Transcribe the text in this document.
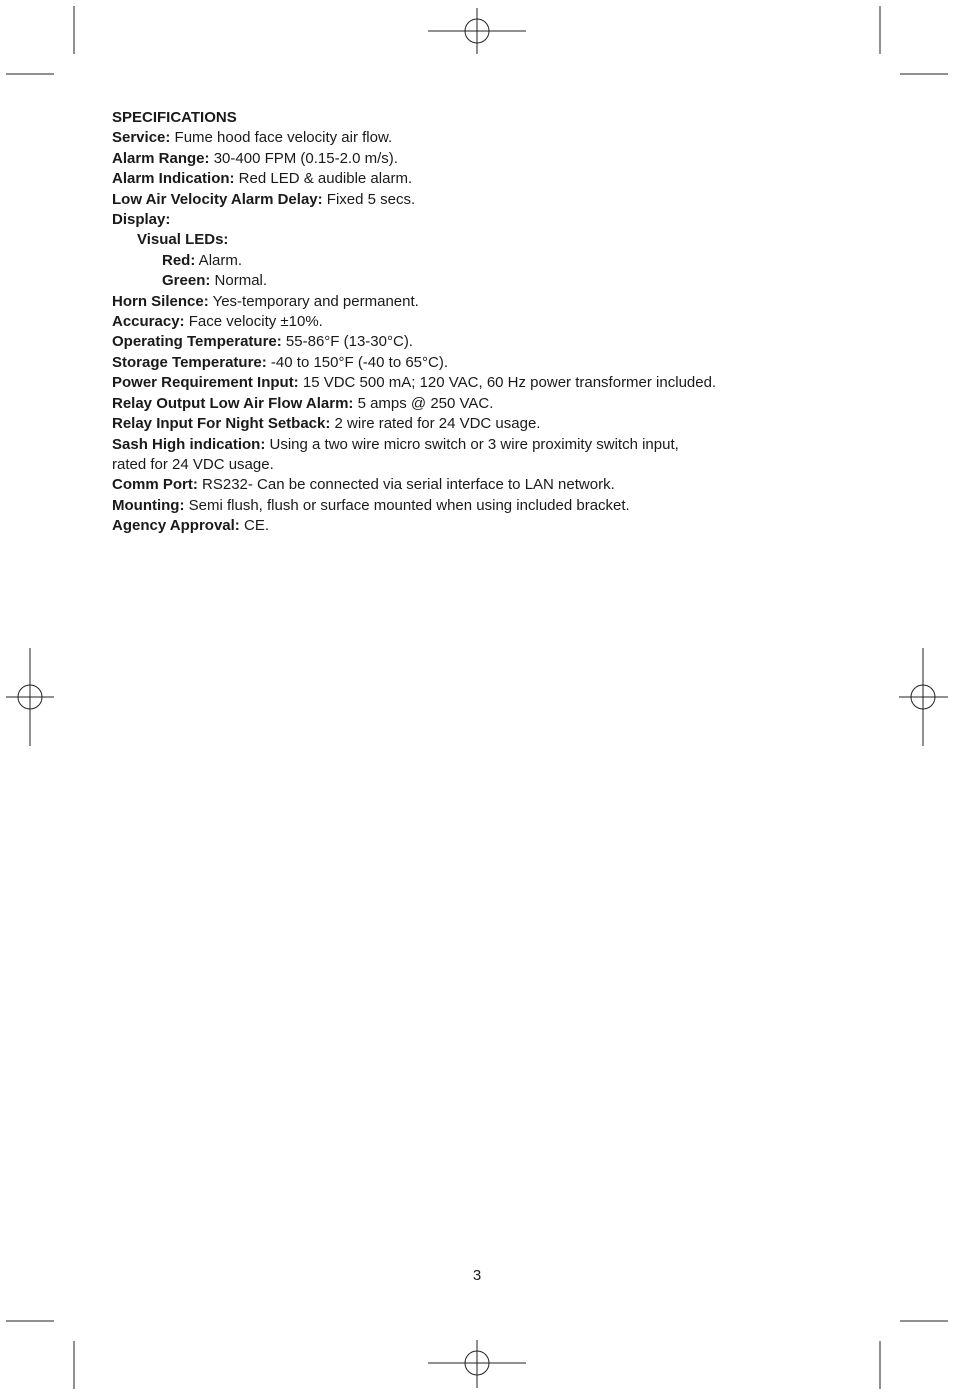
SPECIFICATIONS
Service: Fume hood face velocity air flow.
Alarm Range: 30-400 FPM (0.15-2.0 m/s).
Alarm Indication: Red LED & audible alarm.
Low Air Velocity Alarm Delay: Fixed 5 secs.
Display:
Visual LEDs:
Red: Alarm.
Green: Normal.
Horn Silence: Yes-temporary and permanent.
Accuracy: Face velocity ±10%.
Operating Temperature: 55-86°F (13-30°C).
Storage Temperature: -40 to 150°F (-40 to 65°C).
Power Requirement Input: 15 VDC 500 mA; 120 VAC, 60 Hz power transformer included.
Relay Output Low Air Flow Alarm: 5 amps @ 250 VAC.
Relay Input For Night Setback: 2 wire rated for 24 VDC usage.
Sash High indication: Using a two wire micro switch or 3 wire proximity switch input,
rated for 24 VDC usage.
Comm Port: RS232- Can be connected via serial interface to LAN network.
Mounting: Semi flush, flush or surface mounted when using included bracket.
Agency Approval: CE.
3
